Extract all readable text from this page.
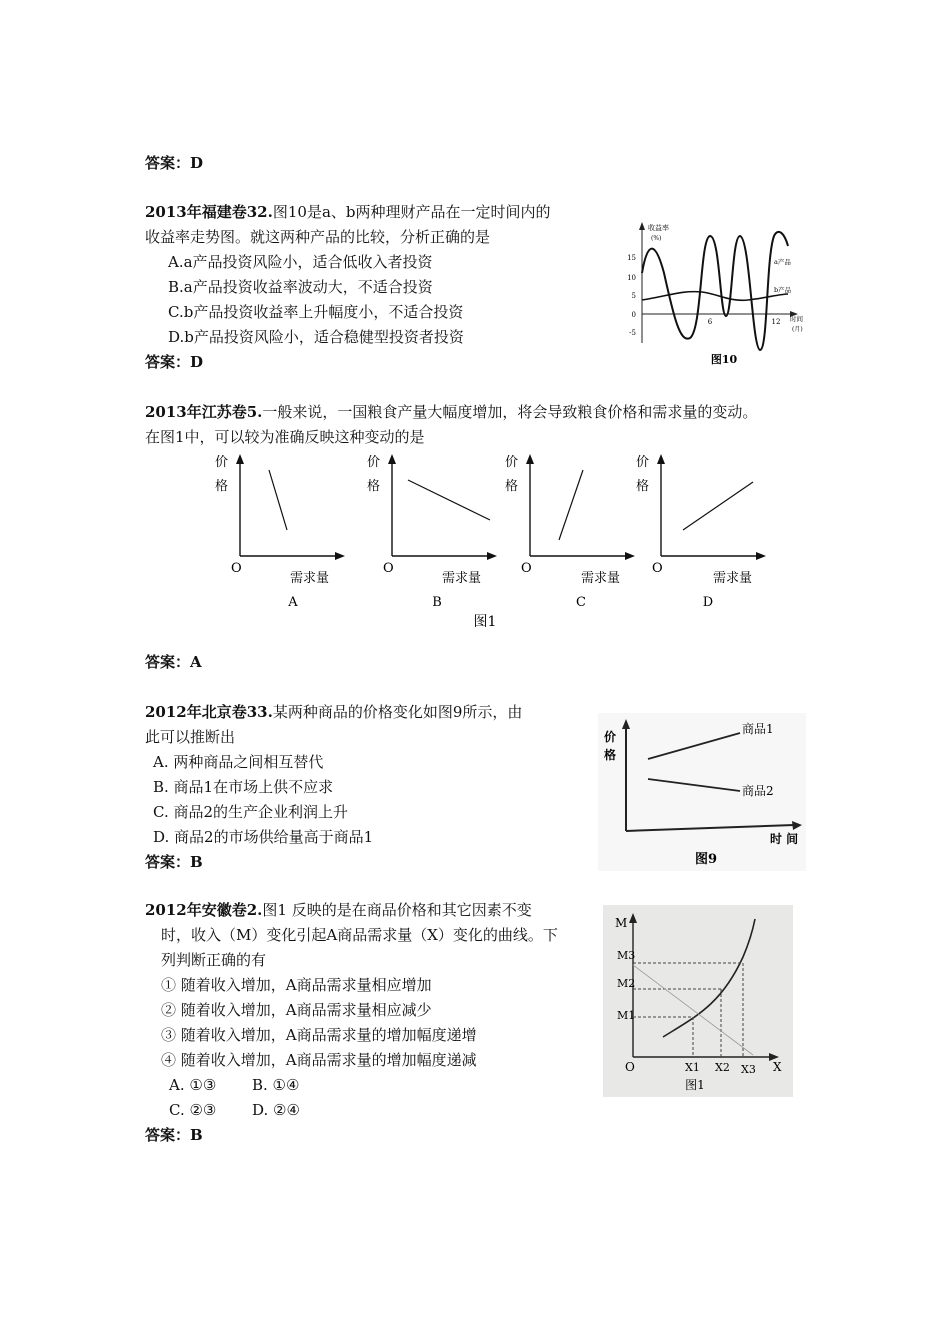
答案：D
2013年福建卷32.图10是a、b两种理财产品在一定时间内的
收益率走势图。就这两种产品的比较，分析正确的是
A.a产品投资风险小，适合低收入者投资
B.a产品投资收益率波动大，不适合投资
C.b产品投资收益率上升幅度小，不适合投资
D.b产品投资风险小，适合稳健型投资者投资
答案：D
收益率
(%)
15
10
5
0
-5
6	12 时间
(月)
a产品
b产品
图10
2013年江苏卷5.一般来说，一国粮食产量大幅度增加，将会导致粮食价格和需求量的变动。
在图1中，可以较为准确反映这种变动的是
价
格
O
需求量
A
价
格
O
需求量
B
价
格
O
需求量
C
价
格
O
需求量
D
图1
答案：A
2012年北京卷33.某两种商品的价格变化如图9所示，由
此可以推断出
A. 两种商品之间相互替代
B. 商品1在市场上供不应求
C. 商品2的生产企业利润上升
D. 商品2的市场供给量高于商品1
答案：B
价
格
商品1
商品2
时 间
图9
2012年安徽卷2.图1 反映的是在商品价格和其它因素不变
时，收入（M）变化引起A商品需求量（X）变化的曲线。下
列判断正确的有
① 随着收入增加，A商品需求量相应增加
② 随着收入增加，A商品需求量相应减少
③ 随着收入增加，A商品需求量的增加幅度递增
④ 随着收入增加，A商品需求量的增加幅度递减
A. ①③ B. ①④
C. ②③ D. ②④
答案：B
M
X
O
M3
M2
M1
X1 X2 X3
图1
